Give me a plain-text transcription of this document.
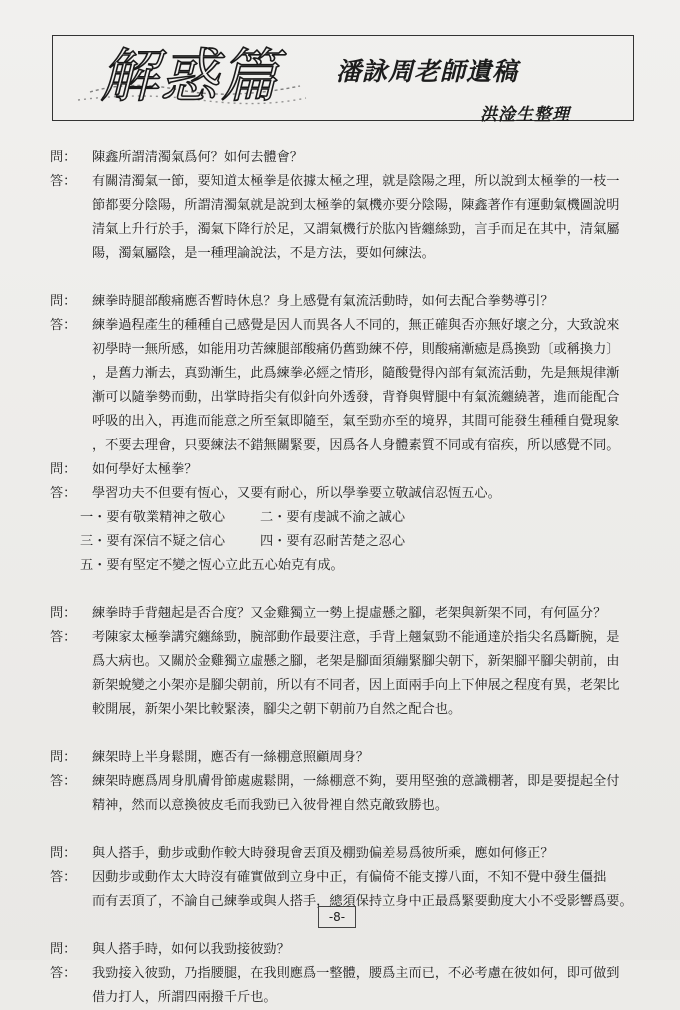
解惑篇 潘詠周老師遺稿
洪淦生整理
問：	陳鑫所謂清濁氣爲何？如何去體會？
答：	有關清濁氣一節，要知道太極拳是依據太極之理，就是陰陽之理，所以說到太極拳的一枝一
節都要分陰陽，所謂清濁氣就是說到太極拳的氣機亦要分陰陽，陳鑫著作有運動氣機圖說明
清氣上升行於手，濁氣下降行於足，又謂氣機行於肱內皆纏絲勁，言手而足在其中，清氣屬
陽，濁氣屬陰，是一種理論說法，不是方法，要如何練法。
問：	練拳時腿部酸痛應否暫時休息？身上感覺有氣流活動時，如何去配合拳勢導引？
答：	練拳過程產生的種種自己感覺是因人而異各人不同的，無正確與否亦無好壞之分，大致說來
初學時一無所感，如能用功苦練腿部酸痛仍舊勁練不停，則酸痛漸癒是爲換勁〔或稱換力〕
，是舊力漸去，真勁漸生，此爲練拳必經之情形，隨酸覺得內部有氣流活動，先是無規律漸
漸可以隨拳勢而動，出掌時指尖有似針向外透發，背脊與臂腿中有氣流纏繞著，進而能配合
呼吸的出入，再進而能意之所至氣即隨至，氣至勁亦至的境界，其間可能發生種種自覺現象
，不要去理會，只要練法不錯無關緊要，因爲各人身體素質不同或有宿疾，所以感覺不同。
問：	如何學好太極拳？
答：	學習功夫不但要有恆心，又要有耐心，所以學拳要立敬誠信忍恆五心。
一・要有敬業精神之敬心	二・要有虔誠不渝之誠心
三・要有深信不疑之信心	四・要有忍耐苦楚之忍心
五・要有堅定不變之恆心立此五心始克有成。
問：	練拳時手背翹起是否合度？又金雞獨立一勢上提虛懸之腳，老架與新架不同，有何區分？
答：	考陳家太極拳講究纏絲勁，腕部動作最要注意，手背上翹氣勁不能通達於指尖名爲斷腕，是
爲大病也。又關於金雞獨立虛懸之腳，老架是腳面須繃緊腳尖朝下，新架腳平腳尖朝前，由
新架蛻變之小架亦是腳尖朝前，所以有不同者，因上面兩手向上下伸展之程度有異，老架比
較開展，新架小架比較緊湊，腳尖之朝下朝前乃自然之配合也。
問：	練架時上半身鬆開，應否有一絲棚意照顧周身？
答：	練架時應爲周身肌膚骨節處處鬆開，一絲棚意不夠，要用堅強的意識棚著，即是要提起全付
精神，然而以意換彼皮毛而我勁已入彼骨裡自然克敵致勝也。
問：	與人搭手，動步或動作較大時發現會丟頂及棚勁偏差易爲彼所乘，應如何修正？
答：	因動步或動作太大時沒有確實做到立身中正，有偏倚不能支撐八面，不知不覺中發生僵拙
而有丟頂了，不論自己練拳或與人搭手，總須保持立身中正最爲緊要動度大小不受影響爲要。
問：	與人搭手時，如何以我勁接彼勁？
答：	我勁接入彼勁，乃指腰腿，在我則應爲一整體，腰爲主而已，不必考慮在彼如何，即可做到
借力打人，所謂四兩撥千斤也。
-8-
